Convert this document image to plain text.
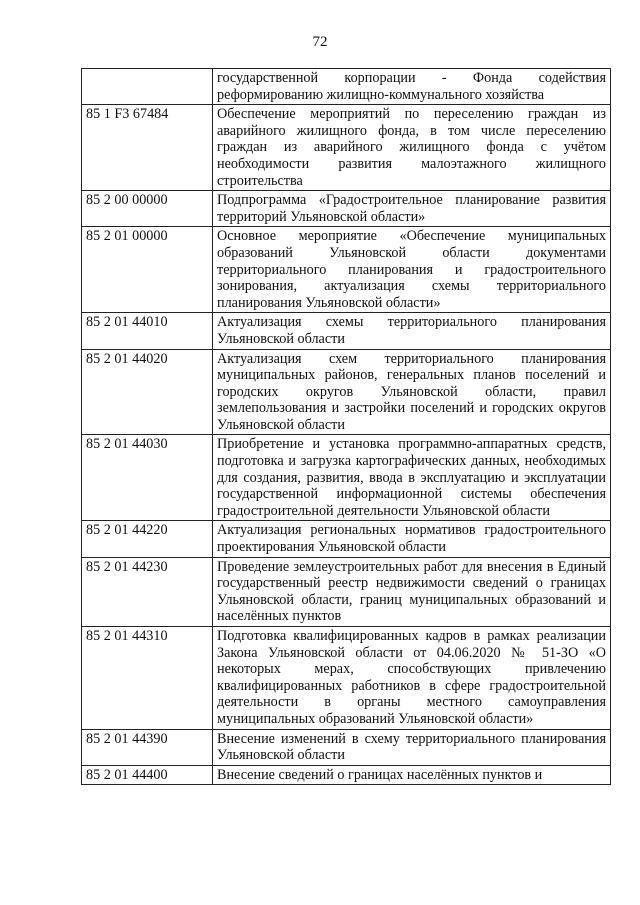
72
	государственной корпорации - Фонда содействия реформированию жилищно-коммунального хозяйства
85 1 F3 67484	Обеспечение мероприятий по переселению граждан из аварийного жилищного фонда, в том числе переселению граждан из аварийного жилищного фонда с учётом необходимости развития малоэтажного жилищного строительства
85 2 00 00000	Подпрограмма «Градостроительное планирование развития территорий Ульяновской области»
85 2 01 00000	Основное мероприятие «Обеспечение муниципальных образований Ульяновской области документами территориального планирования и градостроительного зонирования, актуализация схемы территориального планирования Ульяновской области»
85 2 01 44010	Актуализация схемы территориального планирования Ульяновской области
85 2 01 44020	Актуализация схем территориального планирования муниципальных районов, генеральных планов поселений и городских округов Ульяновской области, правил землепользования и застройки поселений и городских округов Ульяновской области
85 2 01 44030	Приобретение и установка программно-аппаратных средств, подготовка и загрузка картографических данных, необходимых для создания, развития, ввода в эксплуатацию и эксплуатации государственной информационной системы обеспечения градостроительной деятельности Ульяновской области
85 2 01 44220	Актуализация региональных нормативов градостроительного проектирования Ульяновской области
85 2 01 44230	Проведение землеустроительных работ для внесения в Единый государственный реестр недвижимости сведений о границах Ульяновской области, границ муниципальных образований и населённых пунктов
85 2 01 44310	Подготовка квалифицированных кадров в рамках реализации Закона Ульяновской области от 04.06.2020 № 51-ЗО «О некоторых мерах, способствующих привлечению квалифицированных работников в сфере градостроительной деятельности в органы местного самоуправления муниципальных образований Ульяновской области»
85 2 01 44390	Внесение изменений в схему территориального планирования Ульяновской области
85 2 01 44400	Внесение сведений о границах населённых пунктов и
